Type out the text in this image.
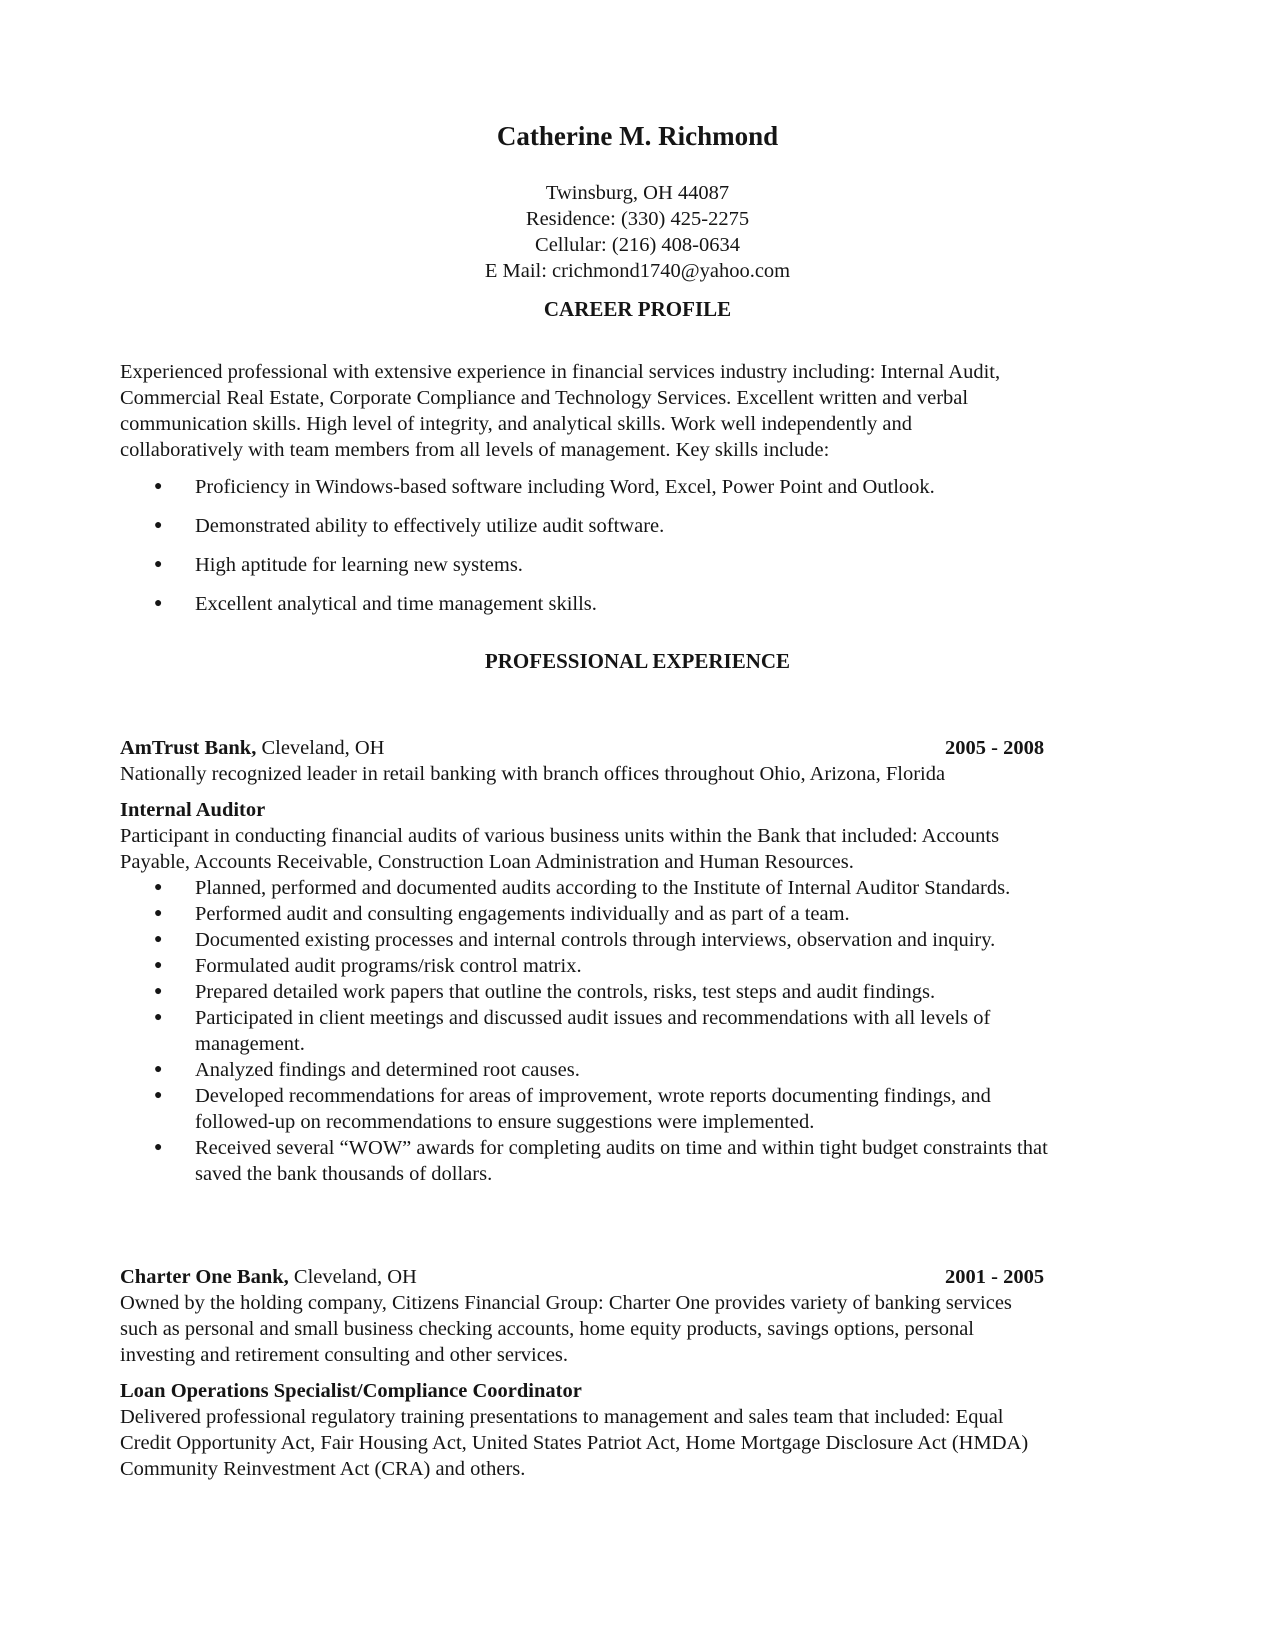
Catherine M. Richmond
Twinsburg, OH 44087
Residence: (330) 425-2275
Cellular: (216) 408-0634
E Mail: crichmond1740@yahoo.com
CAREER PROFILE

Experienced professional with extensive experience in financial services industry including: Internal Audit,
Commercial Real Estate, Corporate Compliance and Technology Services. Excellent written and verbal
communication skills. High level of integrity, and analytical skills. Work well independently and
collaboratively with team members from all levels of management. Key skills include:

● Proficiency in Windows-based software including Word, Excel, Power Point and Outlook.
● Demonstrated ability to effectively utilize audit software.
● High aptitude for learning new systems.
● Excellent analytical and time management skills.
PROFESSIONAL EXPERIENCE
AmTrust Bank, Cleveland, OH	2005 - 2008
Nationally recognized leader in retail banking with branch offices throughout Ohio, Arizona, Florida
Internal Auditor
Participant in conducting financial audits of various business units within the Bank that included: Accounts
Payable, Accounts Receivable, Construction Loan Administration and Human Resources.
● Planned, performed and documented audits according to the Institute of Internal Auditor Standards.
● Performed audit and consulting engagements individually and as part of a team.
● Documented existing processes and internal controls through interviews, observation and inquiry.
● Formulated audit programs/risk control matrix.
● Prepared detailed work papers that outline the controls, risks, test steps and audit findings.
● Participated in client meetings and discussed audit issues and recommendations with all levels of
management.
● Analyzed findings and determined root causes.
● Developed recommendations for areas of improvement, wrote reports documenting findings, and
followed-up on recommendations to ensure suggestions were implemented.
● Received several “WOW” awards for completing audits on time and within tight budget constraints that
saved the bank thousands of dollars.
Charter One Bank, Cleveland, OH	2001 - 2005
Owned by the holding company, Citizens Financial Group: Charter One provides variety of banking services
such as personal and small business checking accounts, home equity products, savings options, personal
investing and retirement consulting and other services.
Loan Operations Specialist/Compliance Coordinator
Delivered professional regulatory training presentations to management and sales team that included: Equal
Credit Opportunity Act, Fair Housing Act, United States Patriot Act, Home Mortgage Disclosure Act (HMDA)
Community Reinvestment Act (CRA) and others.
